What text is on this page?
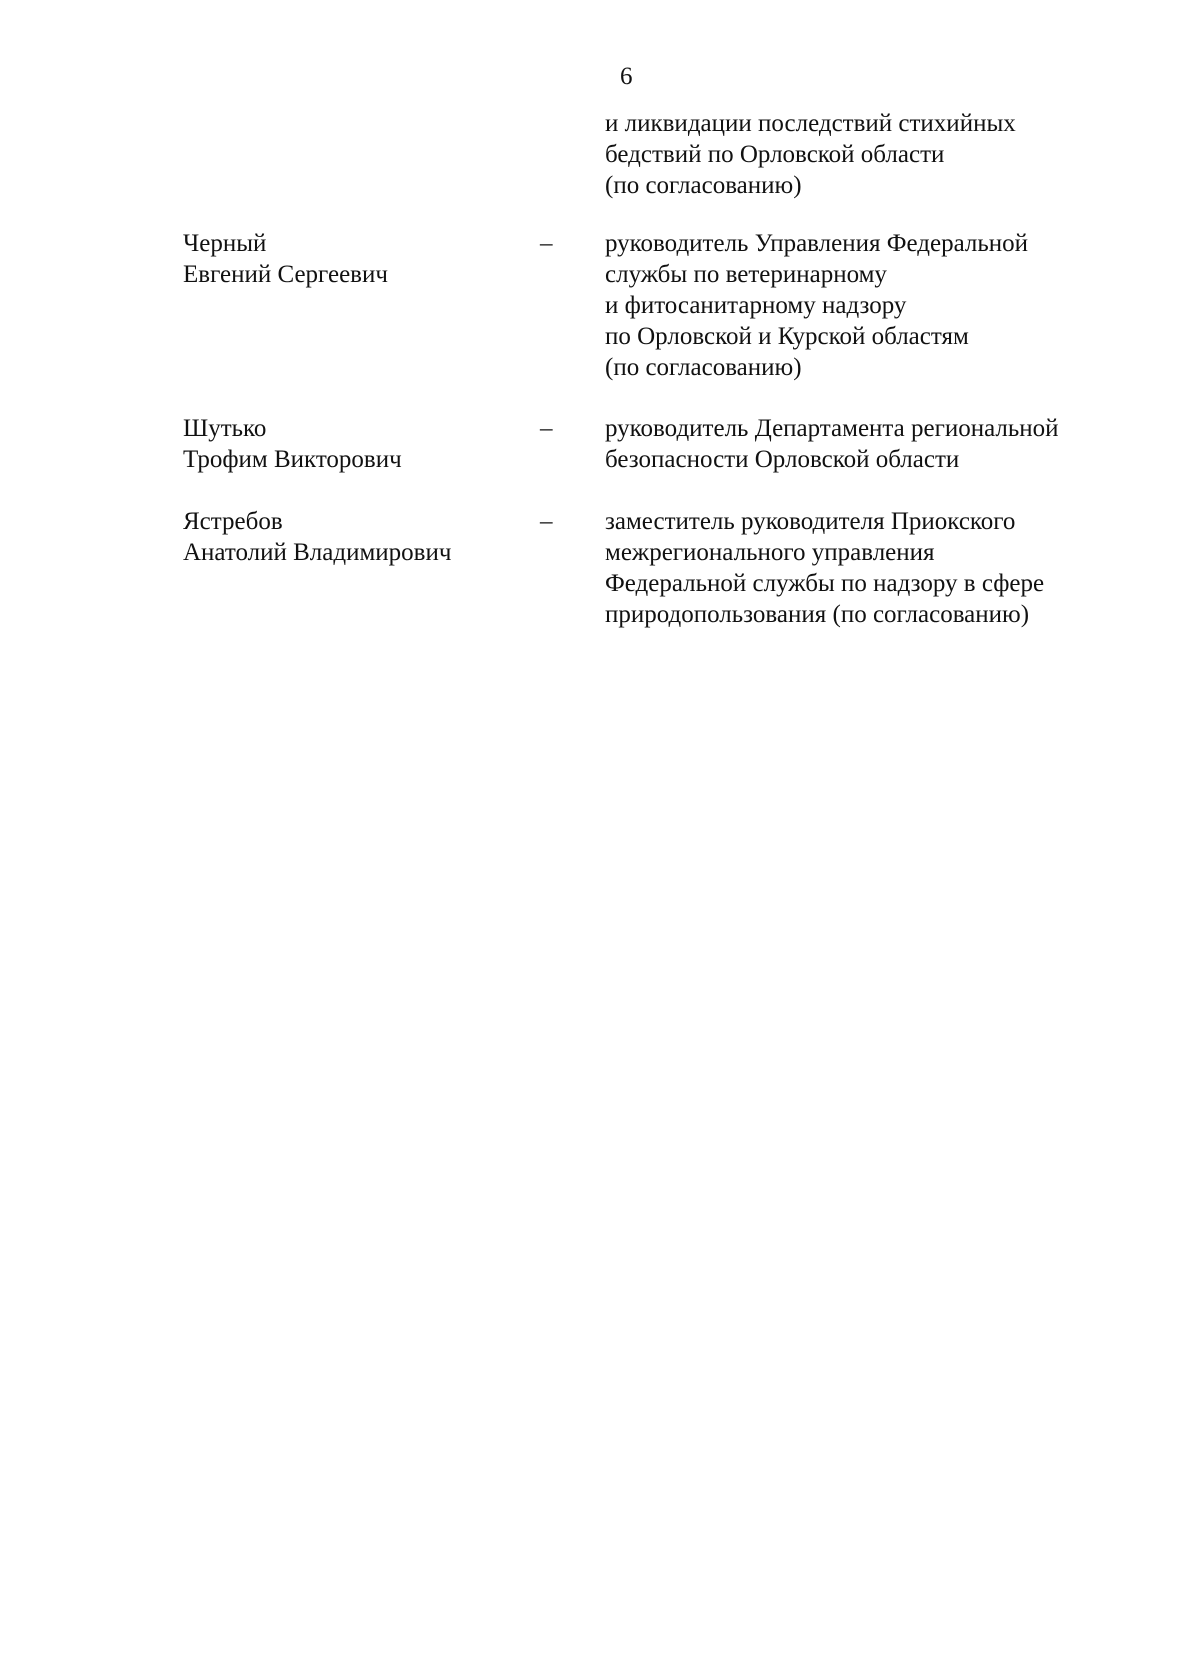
6
и ликвидации последствий стихийных
бедствий по Орловской области
(по согласованию)
Черный
Евгений Сергеевич
– руководитель Управления Федеральной
службы по ветеринарному
и фитосанитарному надзору
по Орловской и Курской областям
(по согласованию)
Шутько
Трофим Викторович
– руководитель Департамента региональной
безопасности Орловской области
Ястребов
Анатолий Владимирович
– заместитель руководителя Приокского
межрегионального управления
Федеральной службы по надзору в сфере
природопользования (по согласованию)
